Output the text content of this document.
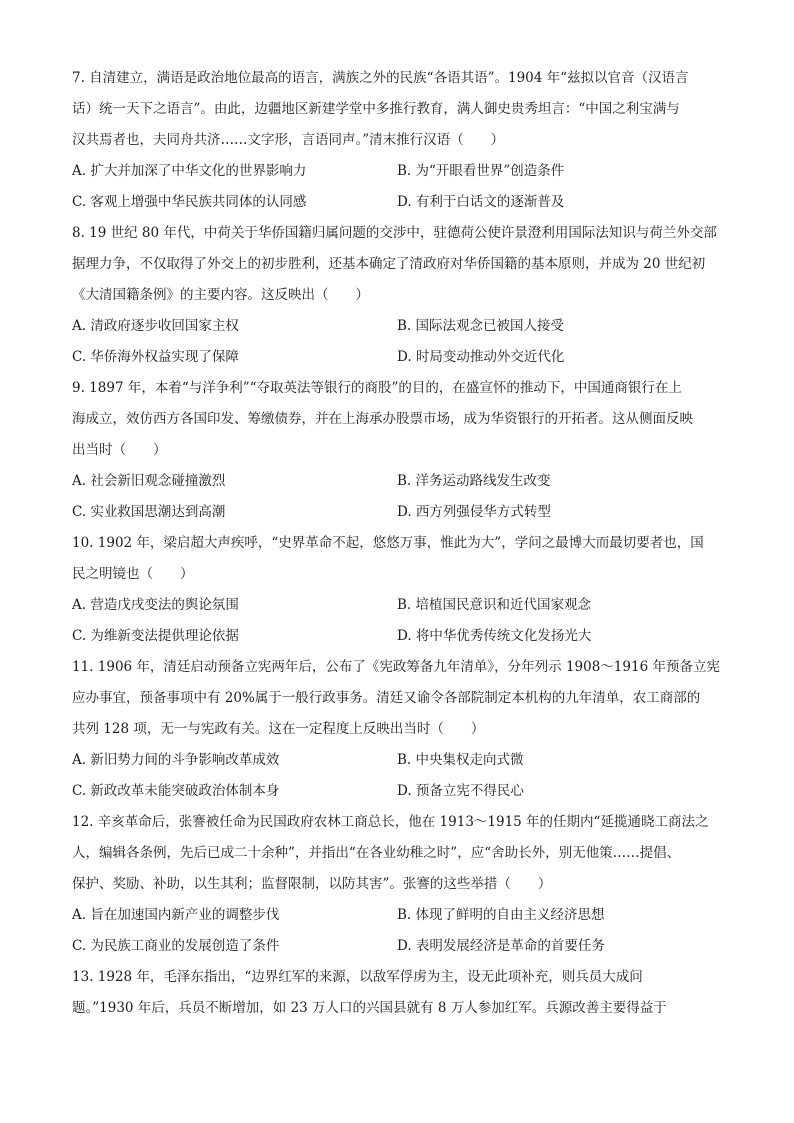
7. 自清建立，满语是政治地位最高的语言，满族之外的民族“各语其语”。1904 年“兹拟以官音（汉语言
话）统一天下之语言”。由此，边疆地区新建学堂中多推行教育，满人御史贵秀坦言：“中国之利宝满与
汉共焉者也，夫同舟共济……文字形，言语同声。”清末推行汉语（　　）
A. 扩大并加深了中华文化的世界影响力	B. 为“开眼看世界”创造条件
C. 客观上增强中华民族共同体的认同感	D. 有利于白话文的逐渐普及
8. 19 世纪 80 年代，中荷关于华侨国籍归属问题的交涉中，驻德荷公使许景澄利用国际法知识与荷兰外交部
据理力争，不仅取得了外交上的初步胜利，还基本确定了清政府对华侨国籍的基本原则，并成为 20 世纪初
《大清国籍条例》的主要内容。这反映出（　　）
A. 清政府逐步收回国家主权	B. 国际法观念已被国人接受
C. 华侨海外权益实现了保障	D. 时局变动推动外交近代化
9. 1897 年，本着“与洋争利”“夺取英法等银行的商股”的目的，在盛宣怀的推动下，中国通商银行在上
海成立，效仿西方各国印发、筹缴债券，并在上海承办股票市场，成为华资银行的开拓者。这从侧面反映
出当时（　　）
A. 社会新旧观念碰撞激烈	B. 洋务运动路线发生改变
C. 实业救国思潮达到高潮	D. 西方列强侵华方式转型
10. 1902 年，梁启超大声疾呼，“史界革命不起，悠悠万事，惟此为大”，学问之最博大而最切要者也，国
民之明镜也（　　）
A. 营造戊戌变法的舆论氛围	B. 培植国民意识和近代国家观念
C. 为维新变法提供理论依据	D. 将中华优秀传统文化发扬光大
11. 1906 年，清廷启动预备立宪两年后，公布了《宪政筹备九年清单》，分年列示 1908～1916 年预备立宪
应办事宜，预备事项中有 20%属于一般行政事务。清廷又谕令各部院制定本机构的九年清单，农工商部的
共列 128 项，无一与宪政有关。这在一定程度上反映出当时（　　）
A. 新旧势力间的斗争影响改革成效	B. 中央集权走向式微
C. 新政改革未能突破政治体制本身	D. 预备立宪不得民心
12. 辛亥革命后，张謇被任命为民国政府农林工商总长，他在 1913～1915 年的任期内“延揽通晓工商法之
人，编辑各条例，先后已成二十余种”，并指出“在各业幼稚之时”，应“舍助长外，别无他策……提倡、
保护、奖励、补助，以生其利；监督限制，以防其害”。张謇的这些举措（　　）
A. 旨在加速国内新产业的调整步伐	B. 体现了鲜明的自由主义经济思想
C. 为民族工商业的发展创造了条件	D. 表明发展经济是革命的首要任务
13. 1928 年，毛泽东指出，“边界红军的来源，以敌军俘虏为主，设无此项补充，则兵员大成问
题。”1930 年后，兵员不断增加，如 23 万人口的兴国县就有 8 万人参加红军。兵源改善主要得益于
